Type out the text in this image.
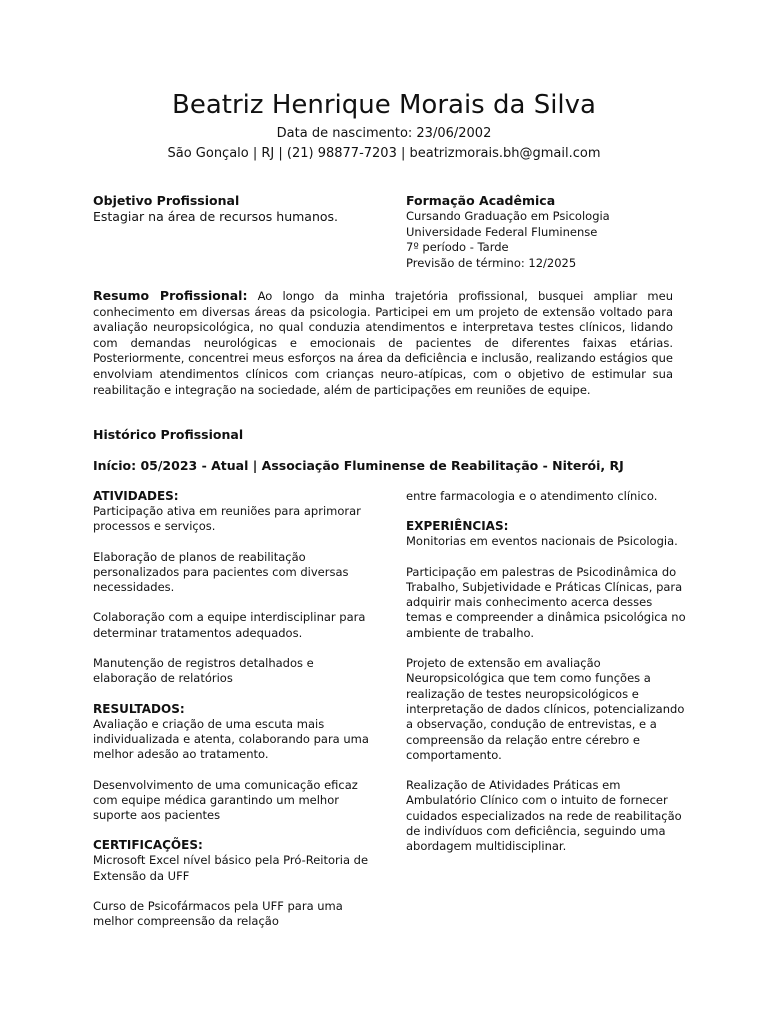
Beatriz Henrique Morais da Silva
Data de nascimento: 23/06/2002
São Gonçalo | RJ | (21) 98877-7203 | beatrizmorais.bh@gmail.com
Objetivo Profissional
Estagiar na área de recursos humanos.
Formação Acadêmica
Cursando Graduação em Psicologia
Universidade Federal Fluminense
7º período - Tarde
Previsão de término: 12/2025
Resumo Profissional: Ao longo da minha trajetória profissional, busquei ampliar meu conhecimento em diversas áreas da psicologia. Participei em um projeto de extensão voltado para avaliação neuropsicológica, no qual conduzia atendimentos e interpretava testes clínicos, lidando com demandas neurológicas e emocionais de pacientes de diferentes faixas etárias. Posteriormente, concentrei meus esforços na área da deficiência e inclusão, realizando estágios que envolviam atendimentos clínicos com crianças neuro-atípicas, com o objetivo de estimular sua reabilitação e integração na sociedade, além de participações em reuniões de equipe.
Histórico Profissional
Início: 05/2023 - Atual | Associação Fluminense de Reabilitação - Niterói, RJ
ATIVIDADES:

Participação ativa em reuniões para aprimorar processos e serviços.

Elaboração de planos de reabilitação personalizados para pacientes com diversas necessidades.

Colaboração com a equipe interdisciplinar para determinar tratamentos adequados.

Manutenção de registros detalhados e elaboração de relatórios

RESULTADOS:

Avaliação e criação de uma escuta mais individualizada e atenta, colaborando para uma melhor adesão ao tratamento.

Desenvolvimento de uma comunicação eficaz com equipe médica garantindo um melhor suporte aos pacientes

CERTIFICAÇÕES:

Microsoft Excel nível básico pela Pró-Reitoria de Extensão da UFF

Curso de Psicofármacos pela UFF para uma melhor compreensão da relação

entre farmacologia e o atendimento clínico.

EXPERIÊNCIAS:

Monitorias em eventos nacionais de Psicologia.

Participação em palestras de Psicodinâmica do Trabalho, Subjetividade e Práticas Clínicas, para adquirir mais conhecimento acerca desses temas e compreender a dinâmica psicológica no ambiente de trabalho.

Projeto de extensão em avaliação Neuropsicológica que tem como funções a realização de testes neuropsicológicos e interpretação de dados clínicos, potencializando a observação, condução de entrevistas, e a compreensão da relação entre cérebro e comportamento.

Realização de Atividades Práticas em Ambulatório Clínico com o intuito de fornecer cuidados especializados na rede de reabilitação de indivíduos com deficiência, seguindo uma abordagem multidisciplinar.
